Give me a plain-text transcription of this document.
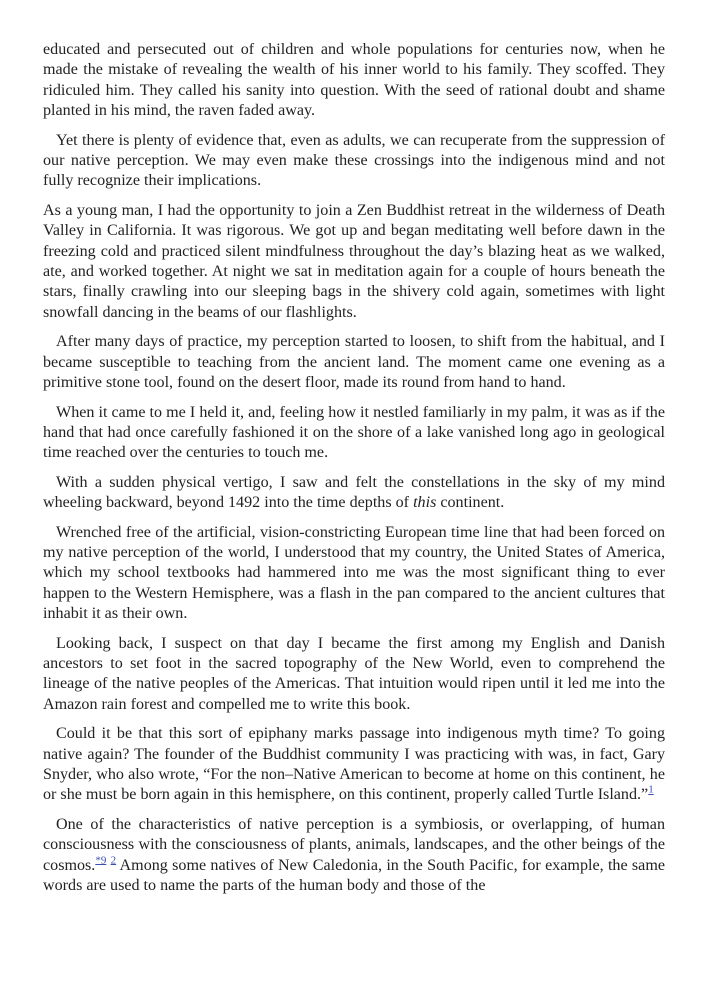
educated and persecuted out of children and whole populations for centuries now, when he made the mistake of revealing the wealth of his inner world to his family. They scoffed. They ridiculed him. They called his sanity into question. With the seed of rational doubt and shame planted in his mind, the raven faded away.

Yet there is plenty of evidence that, even as adults, we can recuperate from the suppression of our native perception. We may even make these crossings into the indigenous mind and not fully recognize their implications.

As a young man, I had the opportunity to join a Zen Buddhist retreat in the wilderness of Death Valley in California. It was rigorous. We got up and began meditating well before dawn in the freezing cold and practiced silent mindfulness throughout the day’s blazing heat as we walked, ate, and worked together. At night we sat in meditation again for a couple of hours beneath the stars, finally crawling into our sleeping bags in the shivery cold again, sometimes with light snowfall dancing in the beams of our flashlights.

After many days of practice, my perception started to loosen, to shift from the habitual, and I became susceptible to teaching from the ancient land. The moment came one evening as a primitive stone tool, found on the desert floor, made its round from hand to hand.

When it came to me I held it, and, feeling how it nestled familiarly in my palm, it was as if the hand that had once carefully fashioned it on the shore of a lake vanished long ago in geological time reached over the centuries to touch me.

With a sudden physical vertigo, I saw and felt the constellations in the sky of my mind wheeling backward, beyond 1492 into the time depths of this continent.

Wrenched free of the artificial, vision-constricting European time line that had been forced on my native perception of the world, I understood that my country, the United States of America, which my school textbooks had hammered into me was the most significant thing to ever happen to the Western Hemisphere, was a flash in the pan compared to the ancient cultures that inhabit it as their own.

Looking back, I suspect on that day I became the first among my English and Danish ancestors to set foot in the sacred topography of the New World, even to comprehend the lineage of the native peoples of the Americas. That intuition would ripen until it led me into the Amazon rain forest and compelled me to write this book.

Could it be that this sort of epiphany marks passage into indigenous myth time? To going native again? The founder of the Buddhist community I was practicing with was, in fact, Gary Snyder, who also wrote, “For the non–Native American to become at home on this continent, he or she must be born again in this hemisphere, on this continent, properly called Turtle Island.”$^1$

One of the characteristics of native perception is a symbiosis, or overlapping, of human consciousness with the consciousness of plants, animals, landscapes, and the other beings of the cosmos.$^{*9}$ $^2$ Among some natives of New Caledonia, in the South Pacific, for example, the same words are used to name the parts of the human body and those of the
